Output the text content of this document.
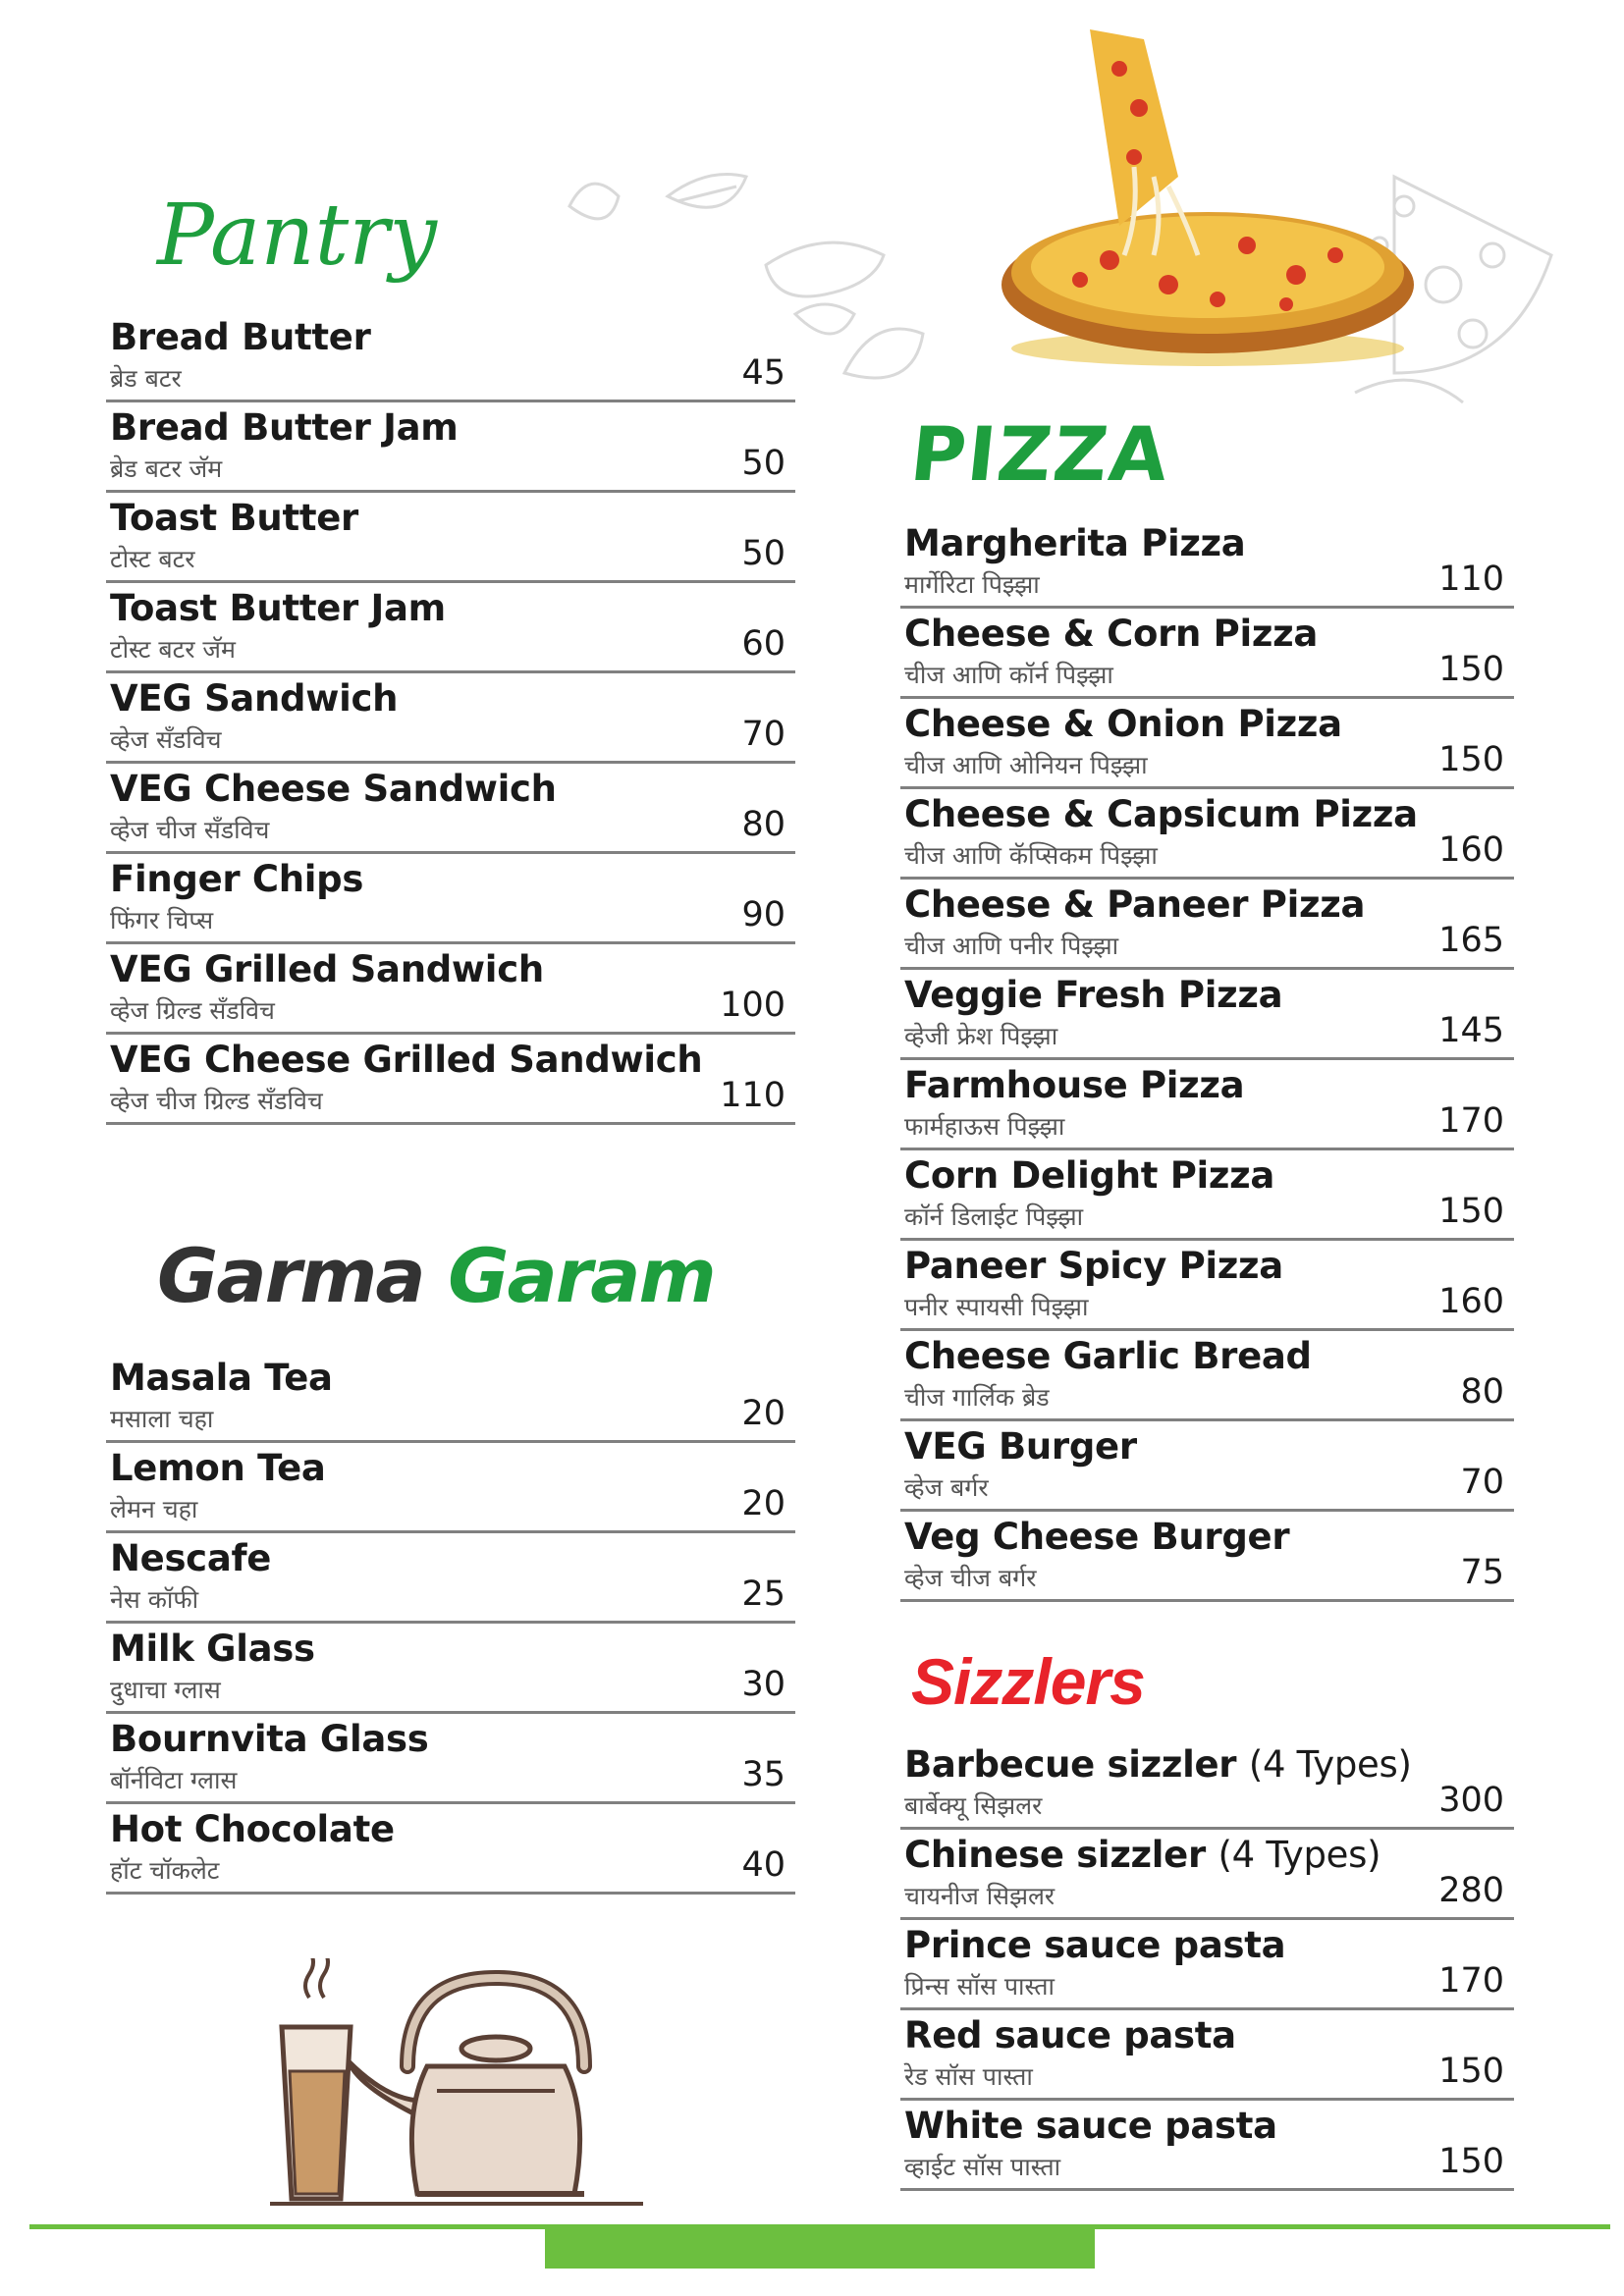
Pantry
Bread Butter
ब्रेड बटर	45
Bread Butter Jam
ब्रेड बटर जॅम	50
Toast Butter
टोस्ट बटर	50
Toast Butter Jam
टोस्ट बटर जॅम	60
VEG Sandwich
व्हेज सँडविच	70
VEG Cheese Sandwich
व्हेज चीज सँडविच	80
Finger Chips
फिंगर चिप्स	90
VEG Grilled Sandwich
व्हेज ग्रिल्ड सँडविच	100
VEG Cheese Grilled Sandwich
व्हेज चीज ग्रिल्ड सँडविच	110
Garma Garam
Masala Tea
मसाला चहा	20
Lemon Tea
लेमन चहा	20
Nescafe
नेस कॉफी	25
Milk Glass
दुधाचा ग्लास	30
Bournvita Glass
बॉर्नविटा ग्लास	35
Hot Chocolate
हॉट चॉकलेट	40
PIZZA
Margherita Pizza
मार्गेरिटा पिझ्झा	110
Cheese & Corn Pizza
चीज आणि कॉर्न पिझ्झा	150
Cheese & Onion Pizza
चीज आणि ओनियन पिझ्झा	150
Cheese & Capsicum Pizza
चीज आणि कॅप्सिकम पिझ्झा	160
Cheese & Paneer Pizza
चीज आणि पनीर पिझ्झा	165
Veggie Fresh Pizza
व्हेजी फ्रेश पिझ्झा	145
Farmhouse Pizza
फार्महाऊस पिझ्झा	170
Corn Delight Pizza
कॉर्न डिलाईट पिझ्झा	150
Paneer Spicy Pizza
पनीर स्पायसी पिझ्झा	160
Cheese Garlic Bread
चीज गार्लिक ब्रेड	80
VEG Burger
व्हेज बर्गर	70
Veg Cheese Burger
व्हेज चीज बर्गर	75
Sizzlers
Barbecue sizzler (4 Types)
बार्बेक्यू सिझलर	300
Chinese sizzler (4 Types)
चायनीज सिझलर	280
Prince sauce pasta
प्रिन्स सॉस पास्ता	170
Red sauce pasta
रेड सॉस पास्ता	150
White sauce pasta
व्हाईट सॉस पास्ता	150
